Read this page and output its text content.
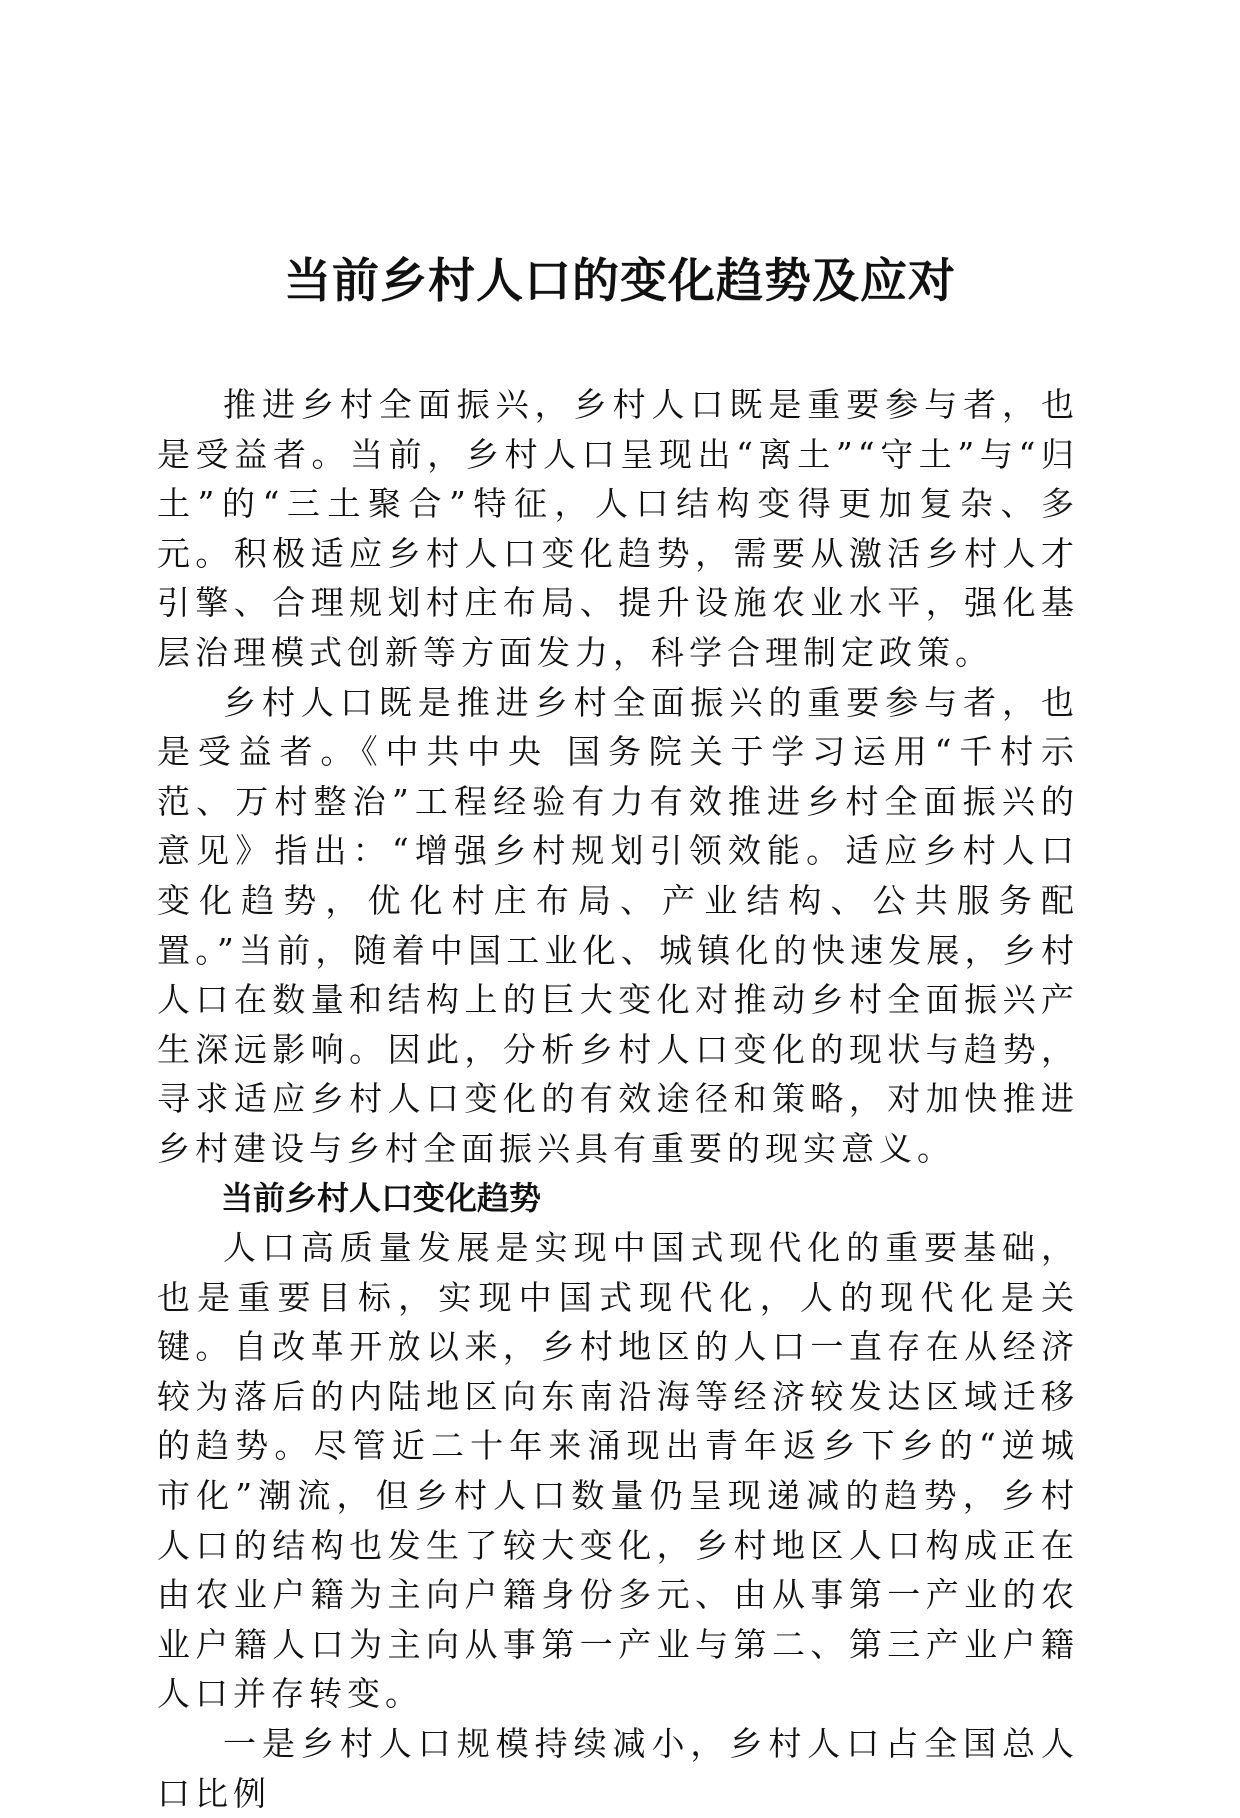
当前乡村人口的变化趋势及应对

推进乡村全面振兴，乡村人口既是重要参与者，也是受益者。当前，乡村人口呈现出“离土”“守土”与“归土”的“三土聚合”特征，人口结构变得更加复杂、多元。积极适应乡村人口变化趋势，需要从激活乡村人才引擎、合理规划村庄布局、提升设施农业水平，强化基层治理模式创新等方面发力，科学合理制定政策。

乡村人口既是推进乡村全面振兴的重要参与者，也是受益者。《中共中央 国务院关于学习运用“千村示范、万村整治”工程经验有力有效推进乡村全面振兴的意见》指出：“增强乡村规划引领效能。适应乡村人口变化趋势，优化村庄布局、产业结构、公共服务配置。”当前，随着中国工业化、城镇化的快速发展，乡村人口在数量和结构上的巨大变化对推动乡村全面振兴产生深远影响。因此，分析乡村人口变化的现状与趋势，寻求适应乡村人口变化的有效途径和策略，对加快推进乡村建设与乡村全面振兴具有重要的现实意义。

当前乡村人口变化趋势

人口高质量发展是实现中国式现代化的重要基础，也是重要目标，实现中国式现代化，人的现代化是关键。自改革开放以来，乡村地区的人口一直存在从经济较为落后的内陆地区向东南沿海等经济较发达区域迁移的趋势。尽管近二十年来涌现出青年返乡下乡的“逆城市化”潮流，但乡村人口数量仍呈现递减的趋势，乡村人口的结构也发生了较大变化，乡村地区人口构成正在由农业户籍为主向户籍身份多元、由从事第一产业的农业户籍人口为主向从事第一产业与第二、第三产业户籍人口并存转变。

一是乡村人口规模持续减小，乡村人口占全国总人口比例
